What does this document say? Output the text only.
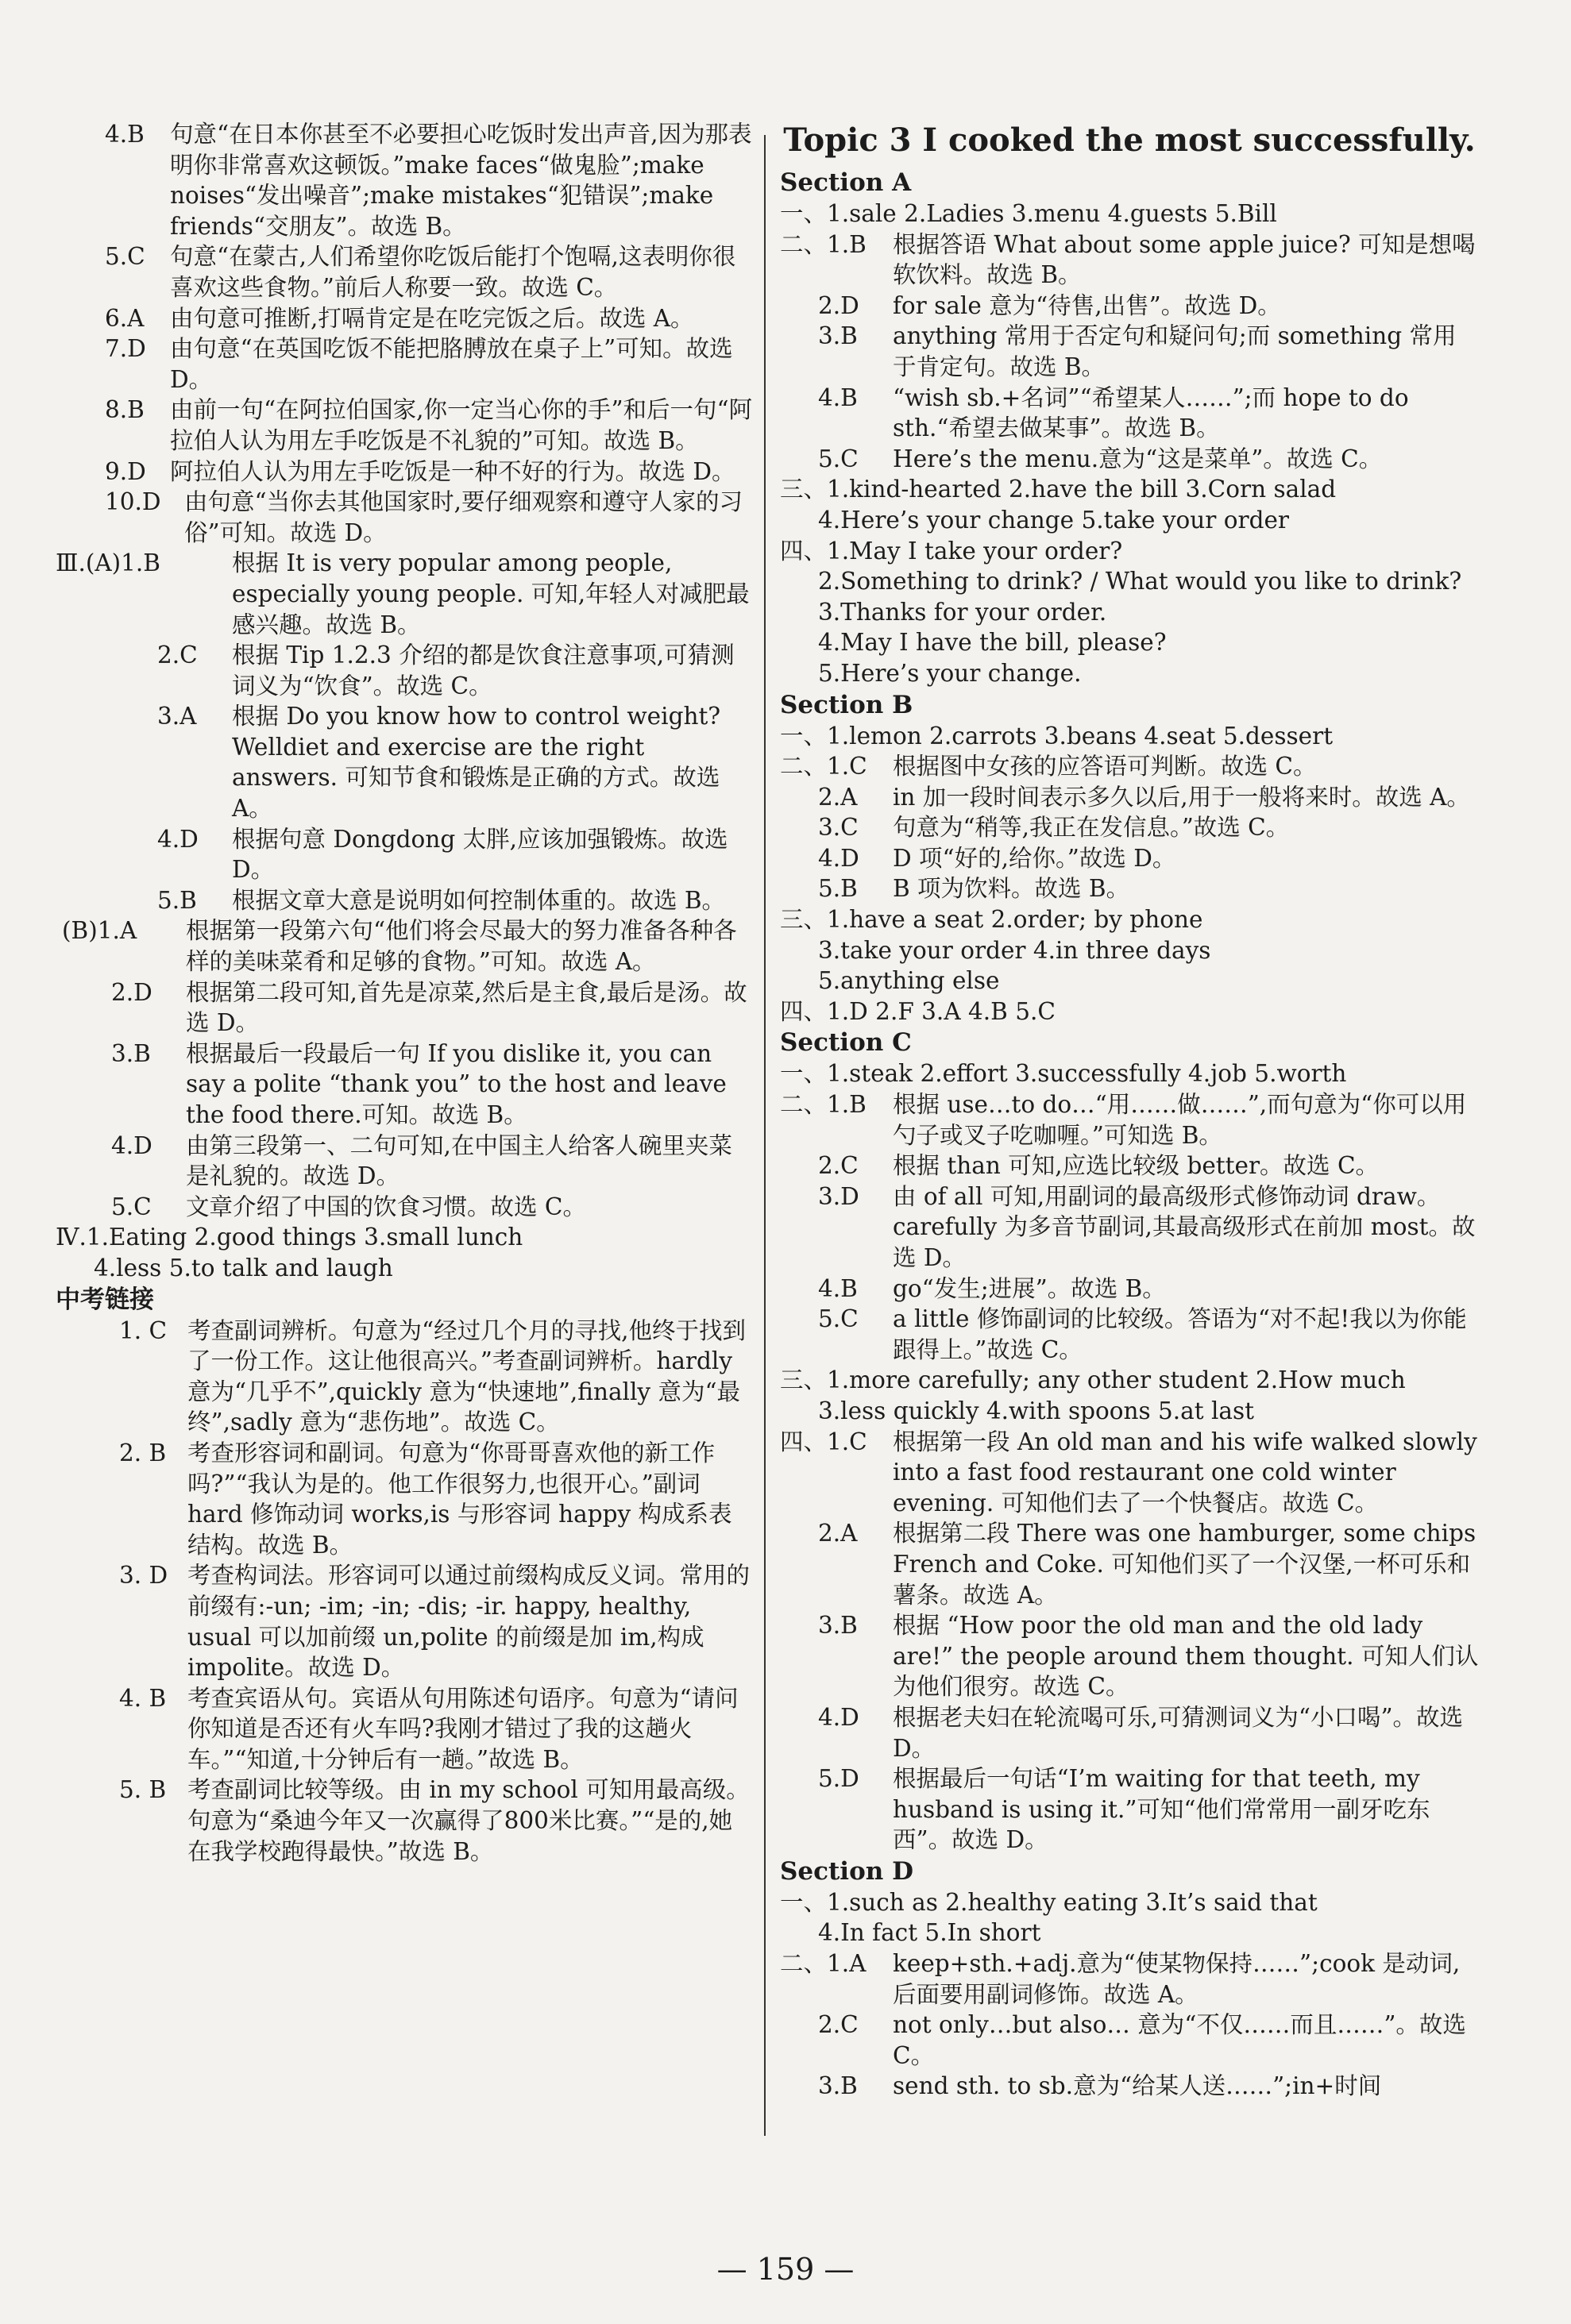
4.B	句意“在日本你甚至不必要担心吃饭时发出声音,因为那表明你非常喜欢这顿饭。”make faces“做鬼脸”;make noises“发出噪音”;make mistakes“犯错误”;make friends“交朋友”。故选 B。
5.C	句意“在蒙古,人们希望你吃饭后能打个饱嗝,这表明你很喜欢这些食物。”前后人称要一致。故选 C。
6.A	由句意可推断,打嗝肯定是在吃完饭之后。故选 A。
7.D	由句意“在英国吃饭不能把胳膊放在桌子上”可知。故选 D。
8.B	由前一句“在阿拉伯国家,你一定当心你的手”和后一句“阿拉伯人认为用左手吃饭是不礼貌的”可知。故选 B。
9.D	阿拉伯人认为用左手吃饭是一种不好的行为。故选 D。
10.D 由句意“当你去其他国家时,要仔细观察和遵守人家的习俗”可知。故选 D。
Ⅲ.(A)1.B	根据 It is very popular among people, especially young people. 可知,年轻人对减肥最感兴趣。故选 B。
2.C	根据 Tip 1.2.3 介绍的都是饮食注意事项,可猜测词义为“饮食”。故选 C。
3.A	根据 Do you know how to control weight? Welldiet and exercise are the right answers. 可知节食和锻炼是正确的方式。故选 A。
4.D	根据句意 Dongdong 太胖,应该加强锻炼。故选 D。
5.B	根据文章大意是说明如何控制体重的。故选 B。
(B)1.A	根据第一段第六句“他们将会尽最大的努力准备各种各样的美味菜肴和足够的食物。”可知。故选 A。
2.D	根据第二段可知,首先是凉菜,然后是主食,最后是汤。故选 D。
3.B	根据最后一段最后一句 If you dislike it, you can say a polite “thank you” to the host and leave the food there.可知。故选 B。
4.D	由第三段第一、二句可知,在中国主人给客人碗里夹菜是礼貌的。故选 D。
5.C	文章介绍了中国的饮食习惯。故选 C。
Ⅳ.1.Eating 2.good things 3.small lunch
4.less 5.to talk and laugh
中考链接
1. C 考查副词辨析。句意为“经过几个月的寻找,他终于找到了一份工作。这让他很高兴。”考查副词辨析。hardly 意为“几乎不”,quickly 意为“快速地”,finally 意为“最终”,sadly 意为“悲伤地”。故选 C。
2. B 考查形容词和副词。句意为“你哥哥喜欢他的新工作吗?”“我认为是的。他工作很努力,也很开心。”副词 hard 修饰动词 works,is 与形容词 happy 构成系表结构。故选 B。
3. D 考查构词法。形容词可以通过前缀构成反义词。常用的前缀有:-un; -im; -in; -dis; -ir. happy, healthy, usual 可以加前缀 un,polite 的前缀是加 im,构成 impolite。故选 D。
4. B 考查宾语从句。宾语从句用陈述句语序。句意为“请问你知道是否还有火车吗?我刚才错过了我的这趟火车。”“知道,十分钟后有一趟。”故选 B。
5. B 考查副词比较等级。由 in my school 可知用最高级。句意为“桑迪今年又一次赢得了800米比赛。”“是的,她在我学校跑得最快。”故选 B。
Topic 3 I cooked the most successfully.
Section A
一、1.sale 2.Ladies 3.menu 4.guests 5.Bill
二、1.B	根据答语 What about some apple juice? 可知是想喝软饮料。故选 B。
2.D	for sale 意为“待售,出售”。故选 D。
3.B	anything 常用于否定句和疑问句;而 something 常用于肯定句。故选 B。
4.B	“wish sb.+名词”“希望某人……”;而 hope to do sth.“希望去做某事”。故选 B。
5.C	Here’s the menu.意为“这是菜单”。故选 C。
三、1.kind-hearted 2.have the bill 3.Corn salad
4.Here’s your change 5.take your order
四、1.May I take your order?
2.Something to drink? / What would you like to drink?
3.Thanks for your order.
4.May I have the bill, please?
5.Here’s your change.
Section B
一、1.lemon 2.carrots 3.beans 4.seat 5.dessert
二、1.C	根据图中女孩的应答语可判断。故选 C。
2.A	in 加一段时间表示多久以后,用于一般将来时。故选 A。
3.C	句意为“稍等,我正在发信息。”故选 C。
4.D	D 项“好的,给你。”故选 D。
5.B	B 项为饮料。故选 B。
三、1.have a seat 2.order; by phone
3.take your order 4.in three days
5.anything else
四、1.D 2.F 3.A 4.B 5.C
Section C
一、1.steak 2.effort 3.successfully 4.job 5.worth
二、1.B	根据 use…to do…“用……做……”,而句意为“你可以用勺子或叉子吃咖喱。”可知选 B。
2.C	根据 than 可知,应选比较级 better。故选 C。
3.D	由 of all 可知,用副词的最高级形式修饰动词 draw。carefully 为多音节副词,其最高级形式在前加 most。故选 D。
4.B	go“发生;进展”。故选 B。
5.C	a little 修饰副词的比较级。答语为“对不起!我以为你能跟得上。”故选 C。
三、1.more carefully; any other student 2.How much
3.less quickly 4.with spoons 5.at last
四、1.C	根据第一段 An old man and his wife walked slowly into a fast food restaurant one cold winter evening. 可知他们去了一个快餐店。故选 C。
2.A	根据第二段 There was one hamburger, some chips French and Coke. 可知他们买了一个汉堡,一杯可乐和薯条。故选 A。
3.B	根据 “How poor the old man and the old lady are!” the people around them thought. 可知人们认为他们很穷。故选 C。
4.D	根据老夫妇在轮流喝可乐,可猜测词义为“小口喝”。故选 D。
5.D	根据最后一句话“I’m waiting for that teeth, my husband is using it.”可知“他们常常用一副牙吃东西”。故选 D。
Section D
一、1.such as 2.healthy eating 3.It’s said that
4.In fact 5.In short
二、1.A	keep+sth.+adj.意为“使某物保持……”;cook 是动词,后面要用副词修饰。故选 A。
2.C	not only…but also… 意为“不仅……而且……”。故选 C。
3.B	send sth. to sb.意为“给某人送……”;in+时间
— 159 —
